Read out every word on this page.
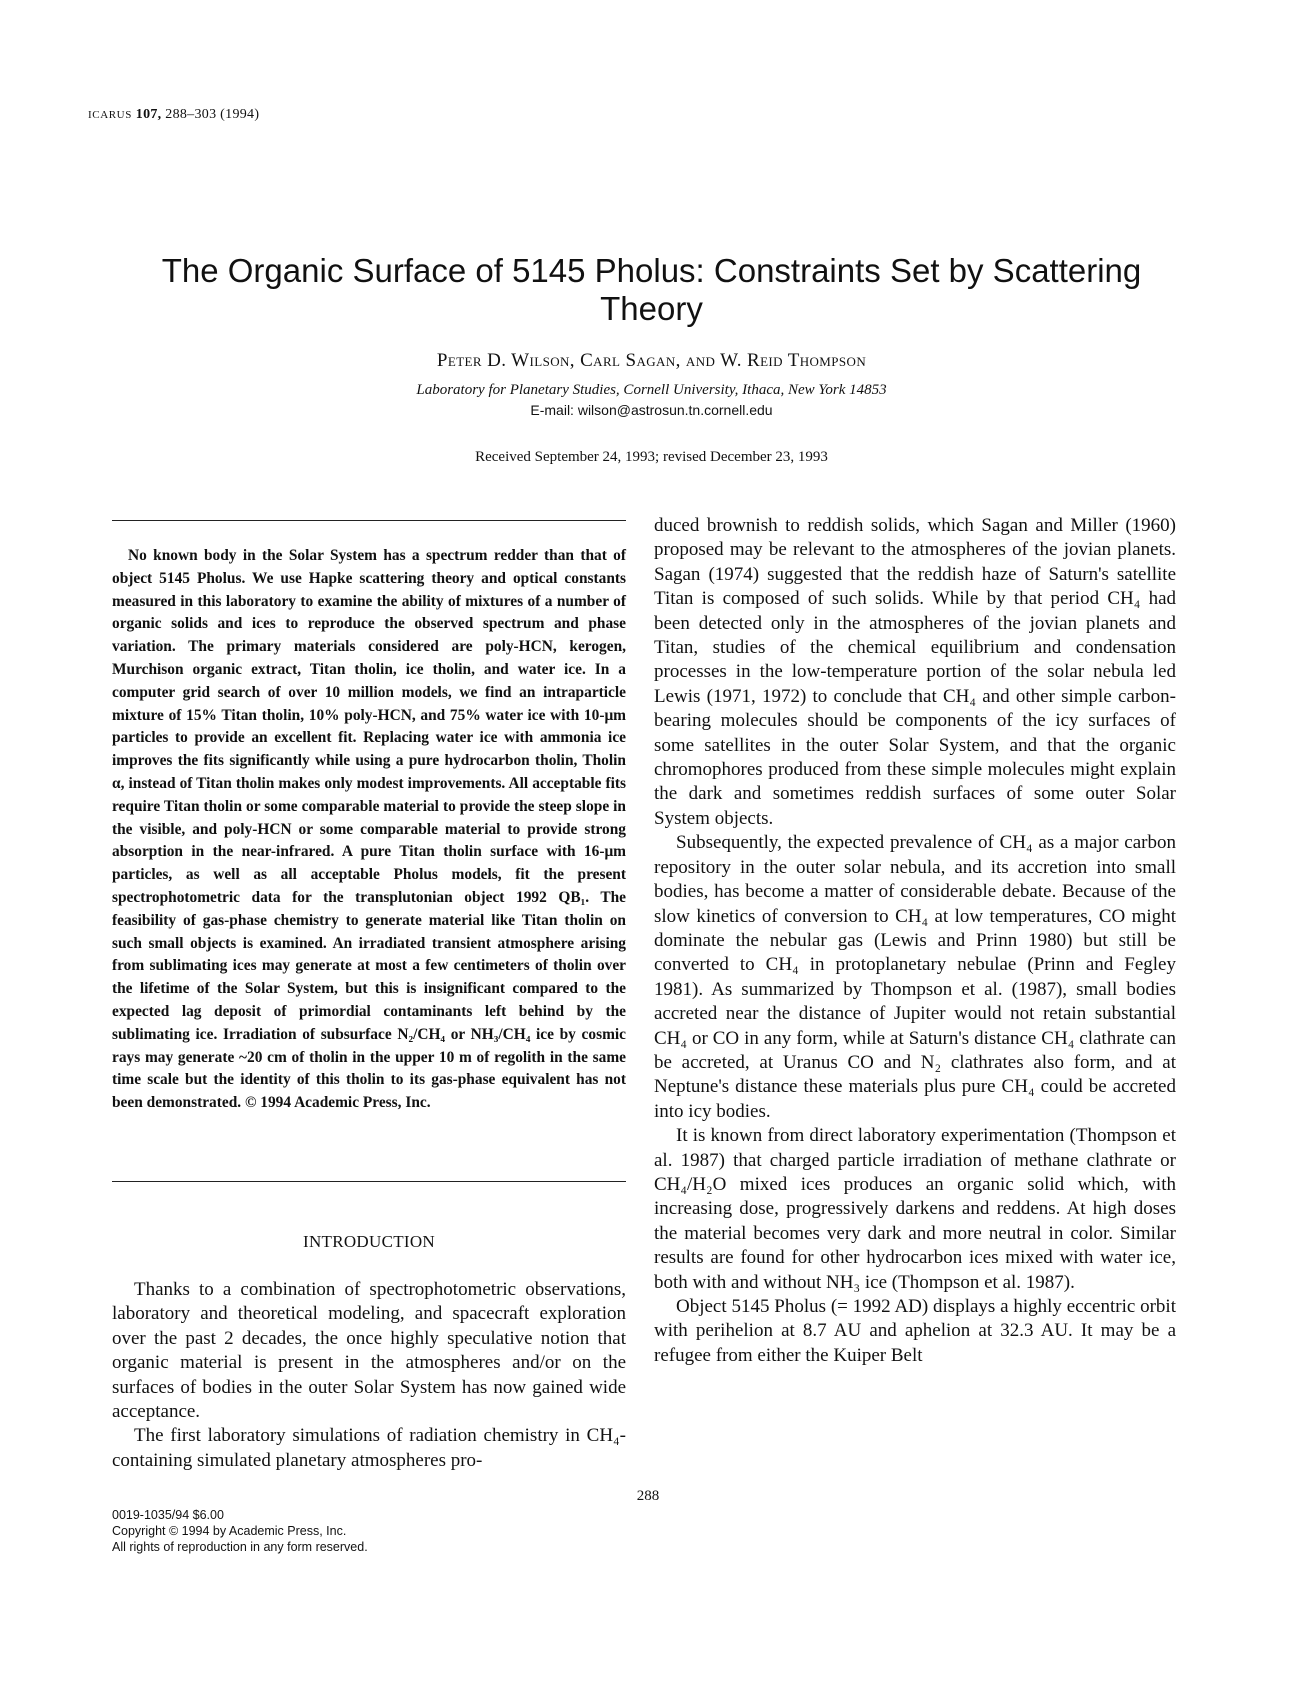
ICARUS 107, 288–303 (1994)
The Organic Surface of 5145 Pholus: Constraints Set by Scattering Theory
Peter D. Wilson, Carl Sagan, and W. Reid Thompson
Laboratory for Planetary Studies, Cornell University, Ithaca, New York 14853
E-mail: wilson@astrosun.tn.cornell.edu
Received September 24, 1993; revised December 23, 1993

No known body in the Solar System has a spectrum redder than that of object 5145 Pholus. We use Hapke scattering theory and optical constants measured in this laboratory to examine the ability of mixtures of a number of organic solids and ices to reproduce the observed spectrum and phase variation. The primary materials considered are poly-HCN, kerogen, Murchison organic extract, Titan tholin, ice tholin, and water ice. In a computer grid search of over 10 million models, we find an intraparticle mixture of 15% Titan tholin, 10% poly-HCN, and 75% water ice with 10-μm particles to provide an excellent fit. Replacing water ice with ammonia ice improves the fits significantly while using a pure hydrocarbon tholin, Tholin α, instead of Titan tholin makes only modest improvements. All acceptable fits require Titan tholin or some comparable material to provide the steep slope in the visible, and poly-HCN or some comparable material to provide strong absorption in the near-infrared. A pure Titan tholin surface with 16-μm particles, as well as all acceptable Pholus models, fit the present spectrophotometric data for the transplutonian object 1992 QB₁. The feasibility of gas-phase chemistry to generate material like Titan tholin on such small objects is examined. An irradiated transient atmosphere arising from sublimating ices may generate at most a few centimeters of tholin over the lifetime of the Solar System, but this is insignificant compared to the expected lag deposit of primordial contaminants left behind by the sublimating ice. Irradiation of subsurface N₂/CH₄ or NH₃/CH₄ ice by cosmic rays may generate ~20 cm of tholin in the upper 10 m of regolith in the same time scale but the identity of this tholin to its gas-phase equivalent has not been demonstrated. © 1994 Academic Press, Inc.

INTRODUCTION

Thanks to a combination of spectrophotometric observations, laboratory and theoretical modeling, and spacecraft exploration over the past 2 decades, the once highly speculative notion that organic material is present in the atmospheres and/or on the surfaces of bodies in the outer Solar System has now gained wide acceptance.

The first laboratory simulations of radiation chemistry in CH₄-containing simulated planetary atmospheres pro-

duced brownish to reddish solids, which Sagan and Miller (1960) proposed may be relevant to the atmospheres of the jovian planets. Sagan (1974) suggested that the reddish haze of Saturn's satellite Titan is composed of such solids. While by that period CH₄ had been detected only in the atmospheres of the jovian planets and Titan, studies of the chemical equilibrium and condensation processes in the low-temperature portion of the solar nebula led Lewis (1971, 1972) to conclude that CH₄ and other simple carbon-bearing molecules should be components of the icy surfaces of some satellites in the outer Solar System, and that the organic chromophores produced from these simple molecules might explain the dark and sometimes reddish surfaces of some outer Solar System objects.

Subsequently, the expected prevalence of CH₄ as a major carbon repository in the outer solar nebula, and its accretion into small bodies, has become a matter of considerable debate. Because of the slow kinetics of conversion to CH₄ at low temperatures, CO might dominate the nebular gas (Lewis and Prinn 1980) but still be converted to CH₄ in protoplanetary nebulae (Prinn and Fegley 1981). As summarized by Thompson et al. (1987), small bodies accreted near the distance of Jupiter would not retain substantial CH₄ or CO in any form, while at Saturn's distance CH₄ clathrate can be accreted, at Uranus CO and N₂ clathrates also form, and at Neptune's distance these materials plus pure CH₄ could be accreted into icy bodies.

It is known from direct laboratory experimentation (Thompson et al. 1987) that charged particle irradiation of methane clathrate or CH₄/H₂O mixed ices produces an organic solid which, with increasing dose, progressively darkens and reddens. At high doses the material becomes very dark and more neutral in color. Similar results are found for other hydrocarbon ices mixed with water ice, both with and without NH₃ ice (Thompson et al. 1987).

Object 5145 Pholus (= 1992 AD) displays a highly eccentric orbit with perihelion at 8.7 AU and aphelion at 32.3 AU. It may be a refugee from either the Kuiper Belt

288
0019-1035/94 $6.00
Copyright © 1994 by Academic Press, Inc.
All rights of reproduction in any form reserved.
